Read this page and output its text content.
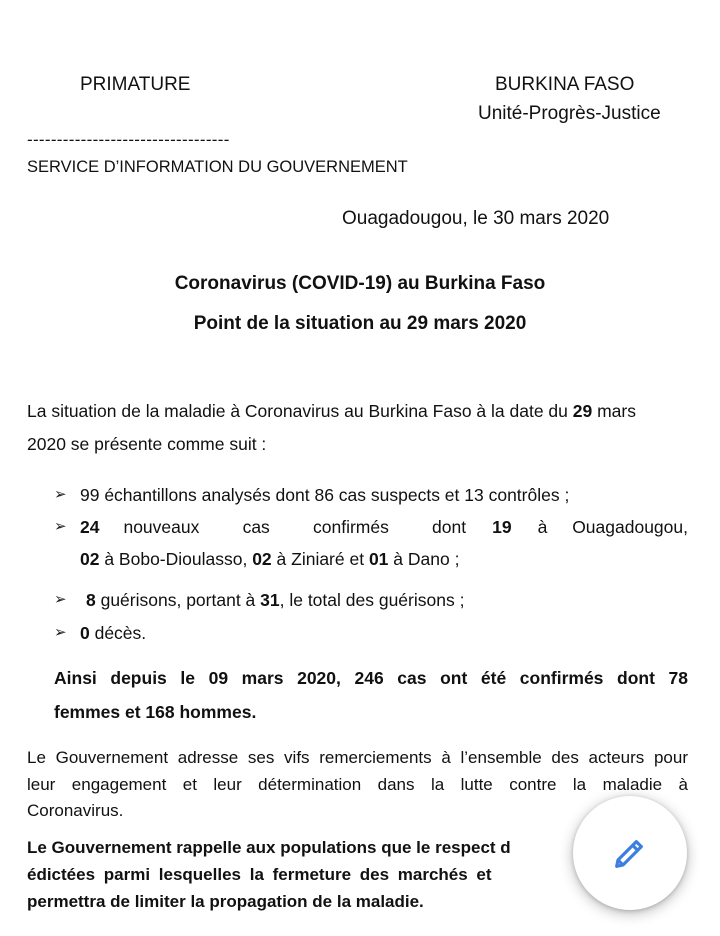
PRIMATURE	BURKINA FASO
Unité-Progrès-Justice
----------------------------------
SERVICE D’INFORMATION DU GOUVERNEMENT
Ouagadougou, le 30 mars 2020
Coronavirus (COVID-19) au Burkina Faso
Point de la situation au 29 mars 2020
La situation de la maladie à Coronavirus au Burkina Faso à la date du 29 mars
2020 se présente comme suit :
➢ 99 échantillons analysés dont 86 cas suspects et 13 contrôles ;
➢ 24	nouveaux cas confirmés dont	19	à Ouagadougou,
02 à Bobo-Dioulasso, 02 à Ziniaré et 01 à Dano ;
➢ 8 guérisons, portant à 31, le total des guérisons ;
➢ 0 décès.
Ainsi depuis le 09 mars 2020, 246 cas ont été confirmés dont 78
femmes et 168 hommes.
Le Gouvernement adresse ses vifs remerciements à l’ensemble des acteurs pour
leur engagement et leur détermination dans la lutte contre la maladie à
Coronavirus.
Le Gouvernement rappelle aux populations que le respect d
édictées parmi lesquelles la fermeture des marchés et
permettra de limiter la propagation de la maladie.
